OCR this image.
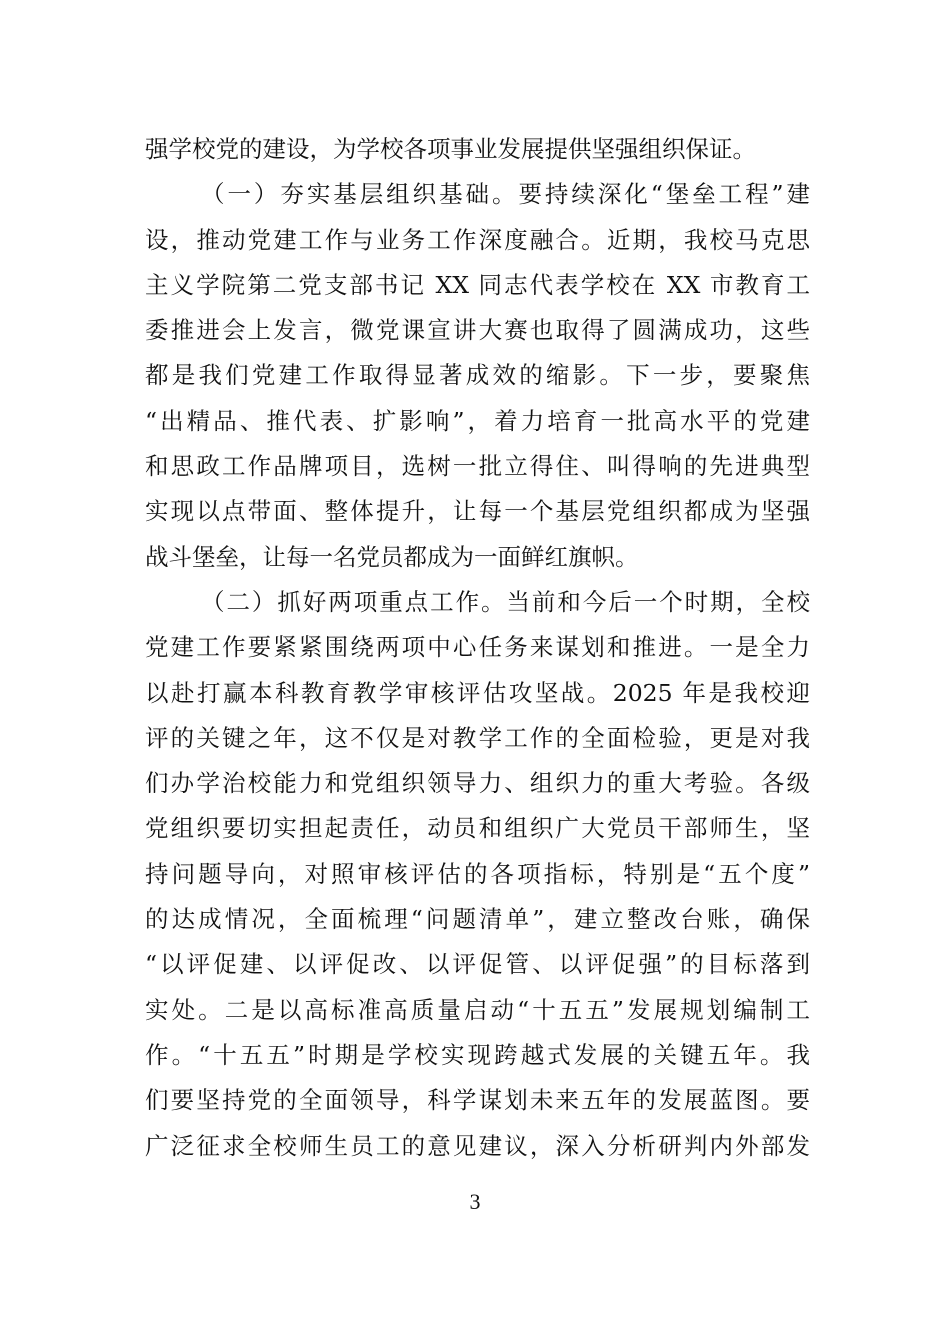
强学校党的建设，为学校各项事业发展提供坚强组织保证。
（一）夯实基层组织基础。要持续深化“堡垒工程”建
设，推动党建工作与业务工作深度融合。近期，我校马克思
主义学院第二党支部书记 XX 同志代表学校在 XX 市教育工
委推进会上发言，微党课宣讲大赛也取得了圆满成功，这些
都是我们党建工作取得显著成效的缩影。下一步，要聚焦
“出精品、推代表、扩影响”，着力培育一批高水平的党建
和思政工作品牌项目，选树一批立得住、叫得响的先进典型
实现以点带面、整体提升，让每一个基层党组织都成为坚强
战斗堡垒，让每一名党员都成为一面鲜红旗帜。
（二）抓好两项重点工作。当前和今后一个时期，全校
党建工作要紧紧围绕两项中心任务来谋划和推进。一是全力
以赴打赢本科教育教学审核评估攻坚战。2025 年是我校迎
评的关键之年，这不仅是对教学工作的全面检验，更是对我
们办学治校能力和党组织领导力、组织力的重大考验。各级
党组织要切实担起责任，动员和组织广大党员干部师生，坚
持问题导向，对照审核评估的各项指标，特别是“五个度”
的达成情况，全面梳理“问题清单”，建立整改台账，确保
“以评促建、以评促改、以评促管、以评促强”的目标落到
实处。二是以高标准高质量启动“十五五”发展规划编制工
作。“十五五”时期是学校实现跨越式发展的关键五年。我
们要坚持党的全面领导，科学谋划未来五年的发展蓝图。要
广泛征求全校师生员工的意见建议，深入分析研判内外部发
3
